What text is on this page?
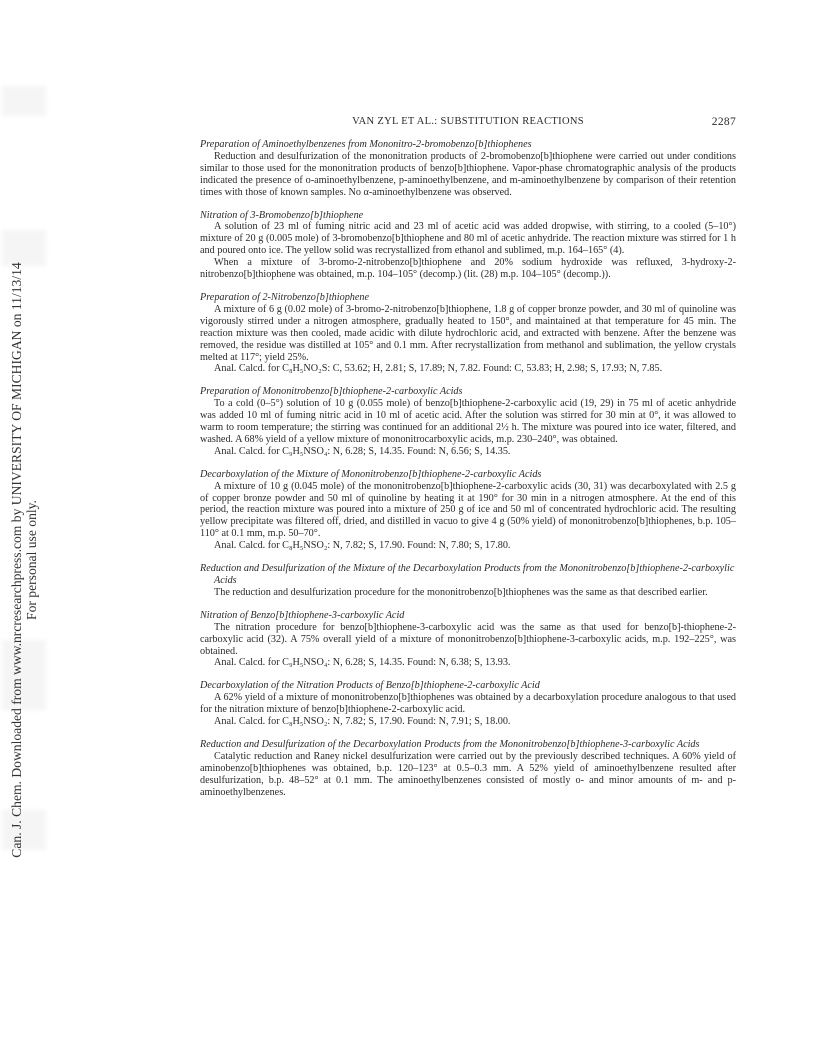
Can. J. Chem. Downloaded from www.nrcresearchpress.com by UNIVERSITY OF MICHIGAN on 11/13/14 For personal use only.
VAN ZYL ET AL.: SUBSTITUTION REACTIONS	2287
Preparation of Aminoethylbenzenes from Mononitro-2-bromobenzo[b]thiophenes
Reduction and desulfurization of the mononitration products of 2-bromobenzo[b]thiophene were carried out under conditions similar to those used for the mononitration products of benzo[b]thiophene. Vapor-phase chromatographic analysis of the products indicated the presence of o-aminoethylbenzene, p-aminoethylbenzene, and m-aminoethylbenzene by comparison of their retention times with those of known samples. No α-aminoethylbenzene was observed.
Nitration of 3-Bromobenzo[b]thiophene
A solution of 23 ml of fuming nitric acid and 23 ml of acetic acid was added dropwise, with stirring, to a cooled (5–10°) mixture of 20 g (0.005 mole) of 3-bromobenzo[b]thiophene and 80 ml of acetic anhydride. The reaction mixture was stirred for 1 h and poured onto ice. The yellow solid was recrystallized from ethanol and sublimed, m.p. 164–165° (4).
When a mixture of 3-bromo-2-nitrobenzo[b]thiophene and 20% sodium hydroxide was refluxed, 3-hydroxy-2-nitrobenzo[b]thiophene was obtained, m.p. 104–105° (decomp.) (lit. (28) m.p. 104–105° (decomp.)).
Preparation of 2-Nitrobenzo[b]thiophene
A mixture of 6 g (0.02 mole) of 3-bromo-2-nitrobenzo[b]thiophene, 1.8 g of copper bronze powder, and 30 ml of quinoline was vigorously stirred under a nitrogen atmosphere, gradually heated to 150°, and maintained at that temperature for 45 min. The reaction mixture was then cooled, made acidic with dilute hydrochloric acid, and extracted with benzene. After the benzene was removed, the residue was distilled at 105° and 0.1 mm. After recrystallization from methanol and sublimation, the yellow crystals melted at 117°; yield 25%.
Anal. Calcd. for C₈H₅NO₂S: C, 53.62; H, 2.81; S, 17.89; N, 7.82. Found: C, 53.83; H, 2.98; S, 17.93; N, 7.85.
Preparation of Mononitrobenzo[b]thiophene-2-carboxylic Acids
To a cold (0–5°) solution of 10 g (0.055 mole) of benzo[b]thiophene-2-carboxylic acid (19, 29) in 75 ml of acetic anhydride was added 10 ml of fuming nitric acid in 10 ml of acetic acid. After the solution was stirred for 30 min at 0°, it was allowed to warm to room temperature; the stirring was continued for an additional 2½ h. The mixture was poured into ice water, filtered, and washed. A 68% yield of a yellow mixture of mononitrocarboxylic acids, m.p. 230–240°, was obtained.
Anal. Calcd. for C₉H₅NSO₄: N, 6.28; S, 14.35. Found: N, 6.56; S, 14.35.
Decarboxylation of the Mixture of Mononitrobenzo[b]thiophene-2-carboxylic Acids
A mixture of 10 g (0.045 mole) of the mononitrobenzo[b]thiophene-2-carboxylic acids (30, 31) was decarboxylated with 2.5 g of copper bronze powder and 50 ml of quinoline by heating it at 190° for 30 min in a nitrogen atmosphere. At the end of this period, the reaction mixture was poured into a mixture of 250 g of ice and 50 ml of concentrated hydrochloric acid. The resulting yellow precipitate was filtered off, dried, and distilled in vacuo to give 4 g (50% yield) of mononitrobenzo[b]thiophenes, b.p. 105–110° at 0.1 mm, m.p. 50–70°.
Anal. Calcd. for C₈H₅NSO₂: N, 7.82; S, 17.90. Found: N, 7.80; S, 17.80.
Reduction and Desulfurization of the Mixture of the Decarboxylation Products from the Mononitrobenzo[b]thiophene-2-carboxylic Acids
The reduction and desulfurization procedure for the mononitrobenzo[b]thiophenes was the same as that described earlier.
Nitration of Benzo[b]thiophene-3-carboxylic Acid
The nitration procedure for benzo[b]thiophene-3-carboxylic acid was the same as that used for benzo[b]-thiophene-2-carboxylic acid (32). A 75% overall yield of a mixture of mononitrobenzo[b]thiophene-3-carboxylic acids, m.p. 192–225°, was obtained.
Anal. Calcd. for C₉H₅NSO₄: N, 6.28; S, 14.35. Found: N, 6.38; S, 13.93.
Decarboxylation of the Nitration Products of Benzo[b]thiophene-2-carboxylic Acid
A 62% yield of a mixture of mononitrobenzo[b]thiophenes was obtained by a decarboxylation procedure analogous to that used for the nitration mixture of benzo[b]thiophene-2-carboxylic acid.
Anal. Calcd. for C₈H₅NSO₂: N, 7.82; S, 17.90. Found: N, 7.91; S, 18.00.
Reduction and Desulfurization of the Decarboxylation Products from the Mononitrobenzo[b]thiophene-3-carboxylic Acids
Catalytic reduction and Raney nickel desulfurization were carried out by the previously described techniques. A 60% yield of aminobenzo[b]thiophenes was obtained, b.p. 120–123° at 0.5–0.3 mm. A 52% yield of aminoethylbenzene resulted after desulfurization, b.p. 48–52° at 0.1 mm. The aminoethylbenzenes consisted of mostly o- and minor amounts of m- and p-aminoethylbenzenes.
